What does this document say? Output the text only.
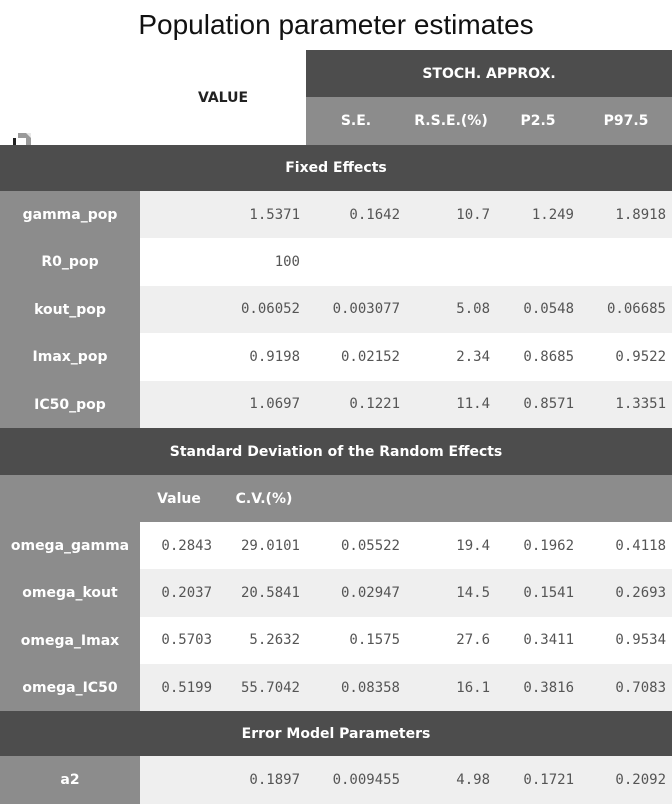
Population parameter estimates
VALUE
STOCH. APPROX.
S.E.	R.S.E.(%)	P2.5	P97.5
Fixed Effects
gamma_pop	1.5371	0.1642	10.7	1.249	1.8918
R0_pop	100
kout_pop	0.06052	0.003077	5.08	0.0548	0.06685
Imax_pop	0.9198	0.02152	2.34	0.8685	0.9522
IC50_pop	1.0697	0.1221	11.4	0.8571	1.3351
Standard Deviation of the Random Effects
Value	C.V.(%)
omega_gamma	0.2843	29.0101	0.05522	19.4	0.1962	0.4118
omega_kout	0.2037	20.5841	0.02947	14.5	0.1541	0.2693
omega_Imax	0.5703	5.2632	0.1575	27.6	0.3411	0.9534
omega_IC50	0.5199	55.7042	0.08358	16.1	0.3816	0.7083
Error Model Parameters
a2	0.1897	0.009455	4.98	0.1721	0.2092
